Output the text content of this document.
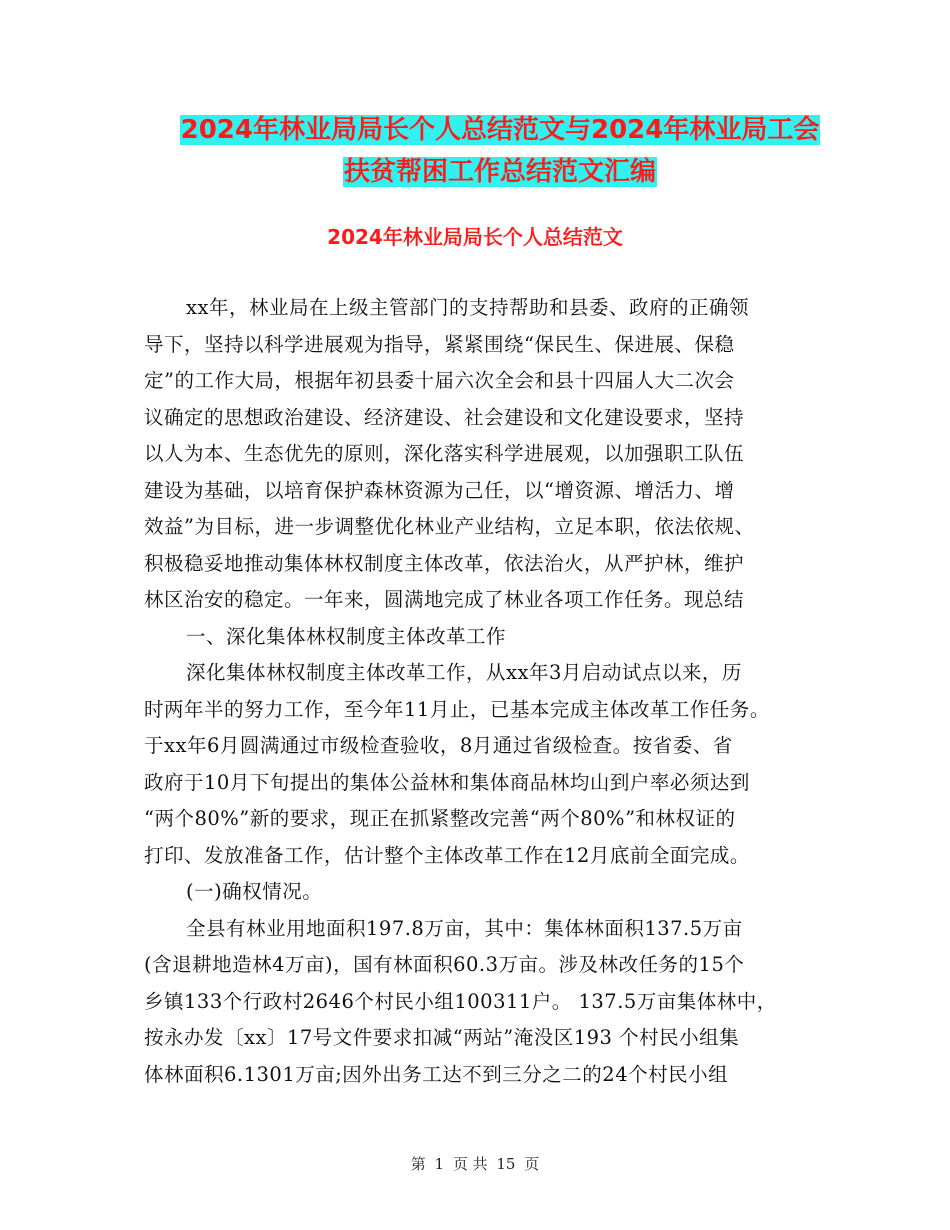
2024年林业局局长个人总结范文与2024年林业局工会
扶贫帮困工作总结范文汇编
2024年林业局局长个人总结范文
xx年，林业局在上级主管部门的支持帮助和县委、政府的正确领
导下，坚持以科学进展观为指导，紧紧围绕“保民生、保进展、保稳
定”的工作大局，根据年初县委十届六次全会和县十四届人大二次会
议确定的思想政治建设、经济建设、社会建设和文化建设要求，坚持
以人为本、生态优先的原则，深化落实科学进展观，以加强职工队伍
建设为基础，以培育保护森林资源为己任，以“增资源、增活力、增
效益”为目标，进一步调整优化林业产业结构，立足本职，依法依规、
积极稳妥地推动集体林权制度主体改革，依法治火，从严护林，维护
林区治安的稳定。一年来，圆满地完成了林业各项工作任务。现总结
一、深化集体林权制度主体改革工作
深化集体林权制度主体改革工作，从xx年3月启动试点以来，历
时两年半的努力工作，至今年11月止，已基本完成主体改革工作任务。
于xx年6月圆满通过市级检查验收，8月通过省级检查。按省委、省
政府于10月下旬提出的集体公益林和集体商品林均山到户率必须达到
“两个80%”新的要求，现正在抓紧整改完善“两个80%”和林权证的
打印、发放准备工作，估计整个主体改革工作在12月底前全面完成。
(一)确权情况。
全县有林业用地面积197.8万亩，其中：集体林面积137.5万亩
(含退耕地造林4万亩)，国有林面积60.3万亩。涉及林改任务的15个
乡镇133个行政村2646个村民小组100311户。 137.5万亩集体林中，
按永办发〔xx〕17号文件要求扣减“两站”淹没区193 个村民小组集
体林面积6.1301万亩;因外出务工达不到三分之二的24个村民小组
第 1 页 共 15 页
